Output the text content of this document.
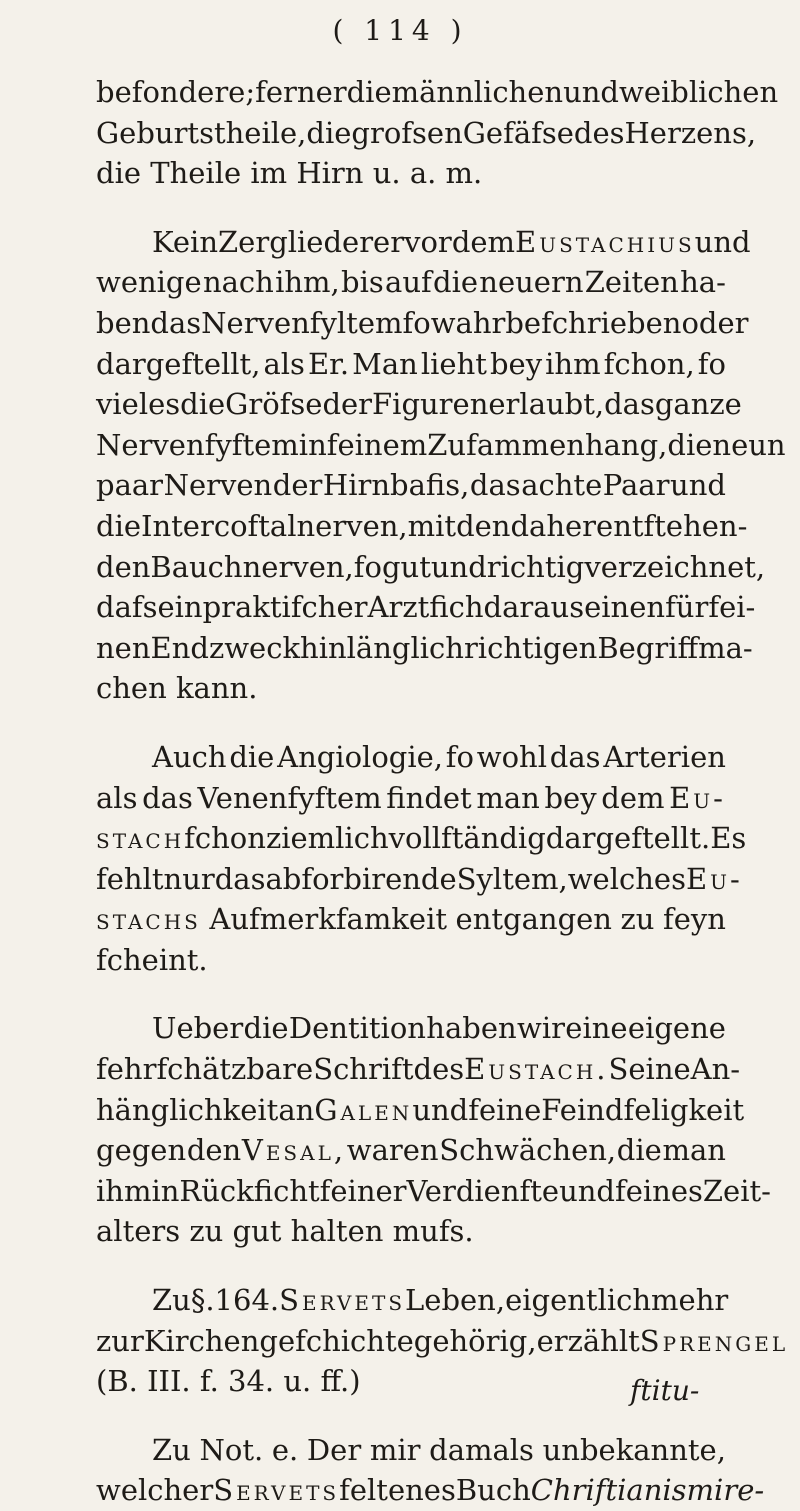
( 114 )
befondere ; ferner die männlichen und weiblichen
Geburtstheile, die grofsen Gefäfse des Herzens,
die
Theile
im
Hirn
u.
a.
m.
Kein Zergliederer vor dem Eustachius und
wenige nach ihm, bis auf die neuern Zeiten ha-
ben das Nervenfyltem fo wahr befchrieben oder
dargeftellt, als Er. Man lieht bey ihm fchon, fo
viel es die Gröfse der Figuren erlaubt, das ganze
Nervenfyftem in feinem Zufammenhang, die neun
paar Nerven der Hirnbafis, das achte Paar und
die Intercoftalnerven, mit den daher entftehen-
den Bauchnerven, fo gut und richtig verzeichnet,
dafs ein praktifcher Arzt fich daraus einen für fei-
nen Endzweck hinlänglich richtigen Begriff ma-
chen
kann.
Auch die Angiologie, fo wohl das Arterien
als das Venenfyftem findet man bey dem Eu-
stach fchon ziemlich vollftändig dargeftellt. Es
fehlt nur das abforbirende Syltem, welches Eu-
stachs Aufmerkfamkeit entgangen zu feyn
fcheint.
Ueber die Dentition haben wir eine eigene
fehr fchätzbare Schrift des Eustach. Seine An-
hänglichkeit an Galen und feine Feindfeligkeit
gegen den Vesal, waren Schwächen, die man
ihm in Rückficht feiner Verdienfte und feines Zeit-
alters
zu
gut
halten
mufs.
Zu §. 164. Servets Leben, eigentlich mehr
zur Kirchengefchichte gehörig, erzählt Sprengel
(B.
III.
f.
34.
u.
ff.)
Zu Not. e. Der mir damals unbekannte,
welcher Servets feltenes Buch Chriftianismi re-
ftitu-
